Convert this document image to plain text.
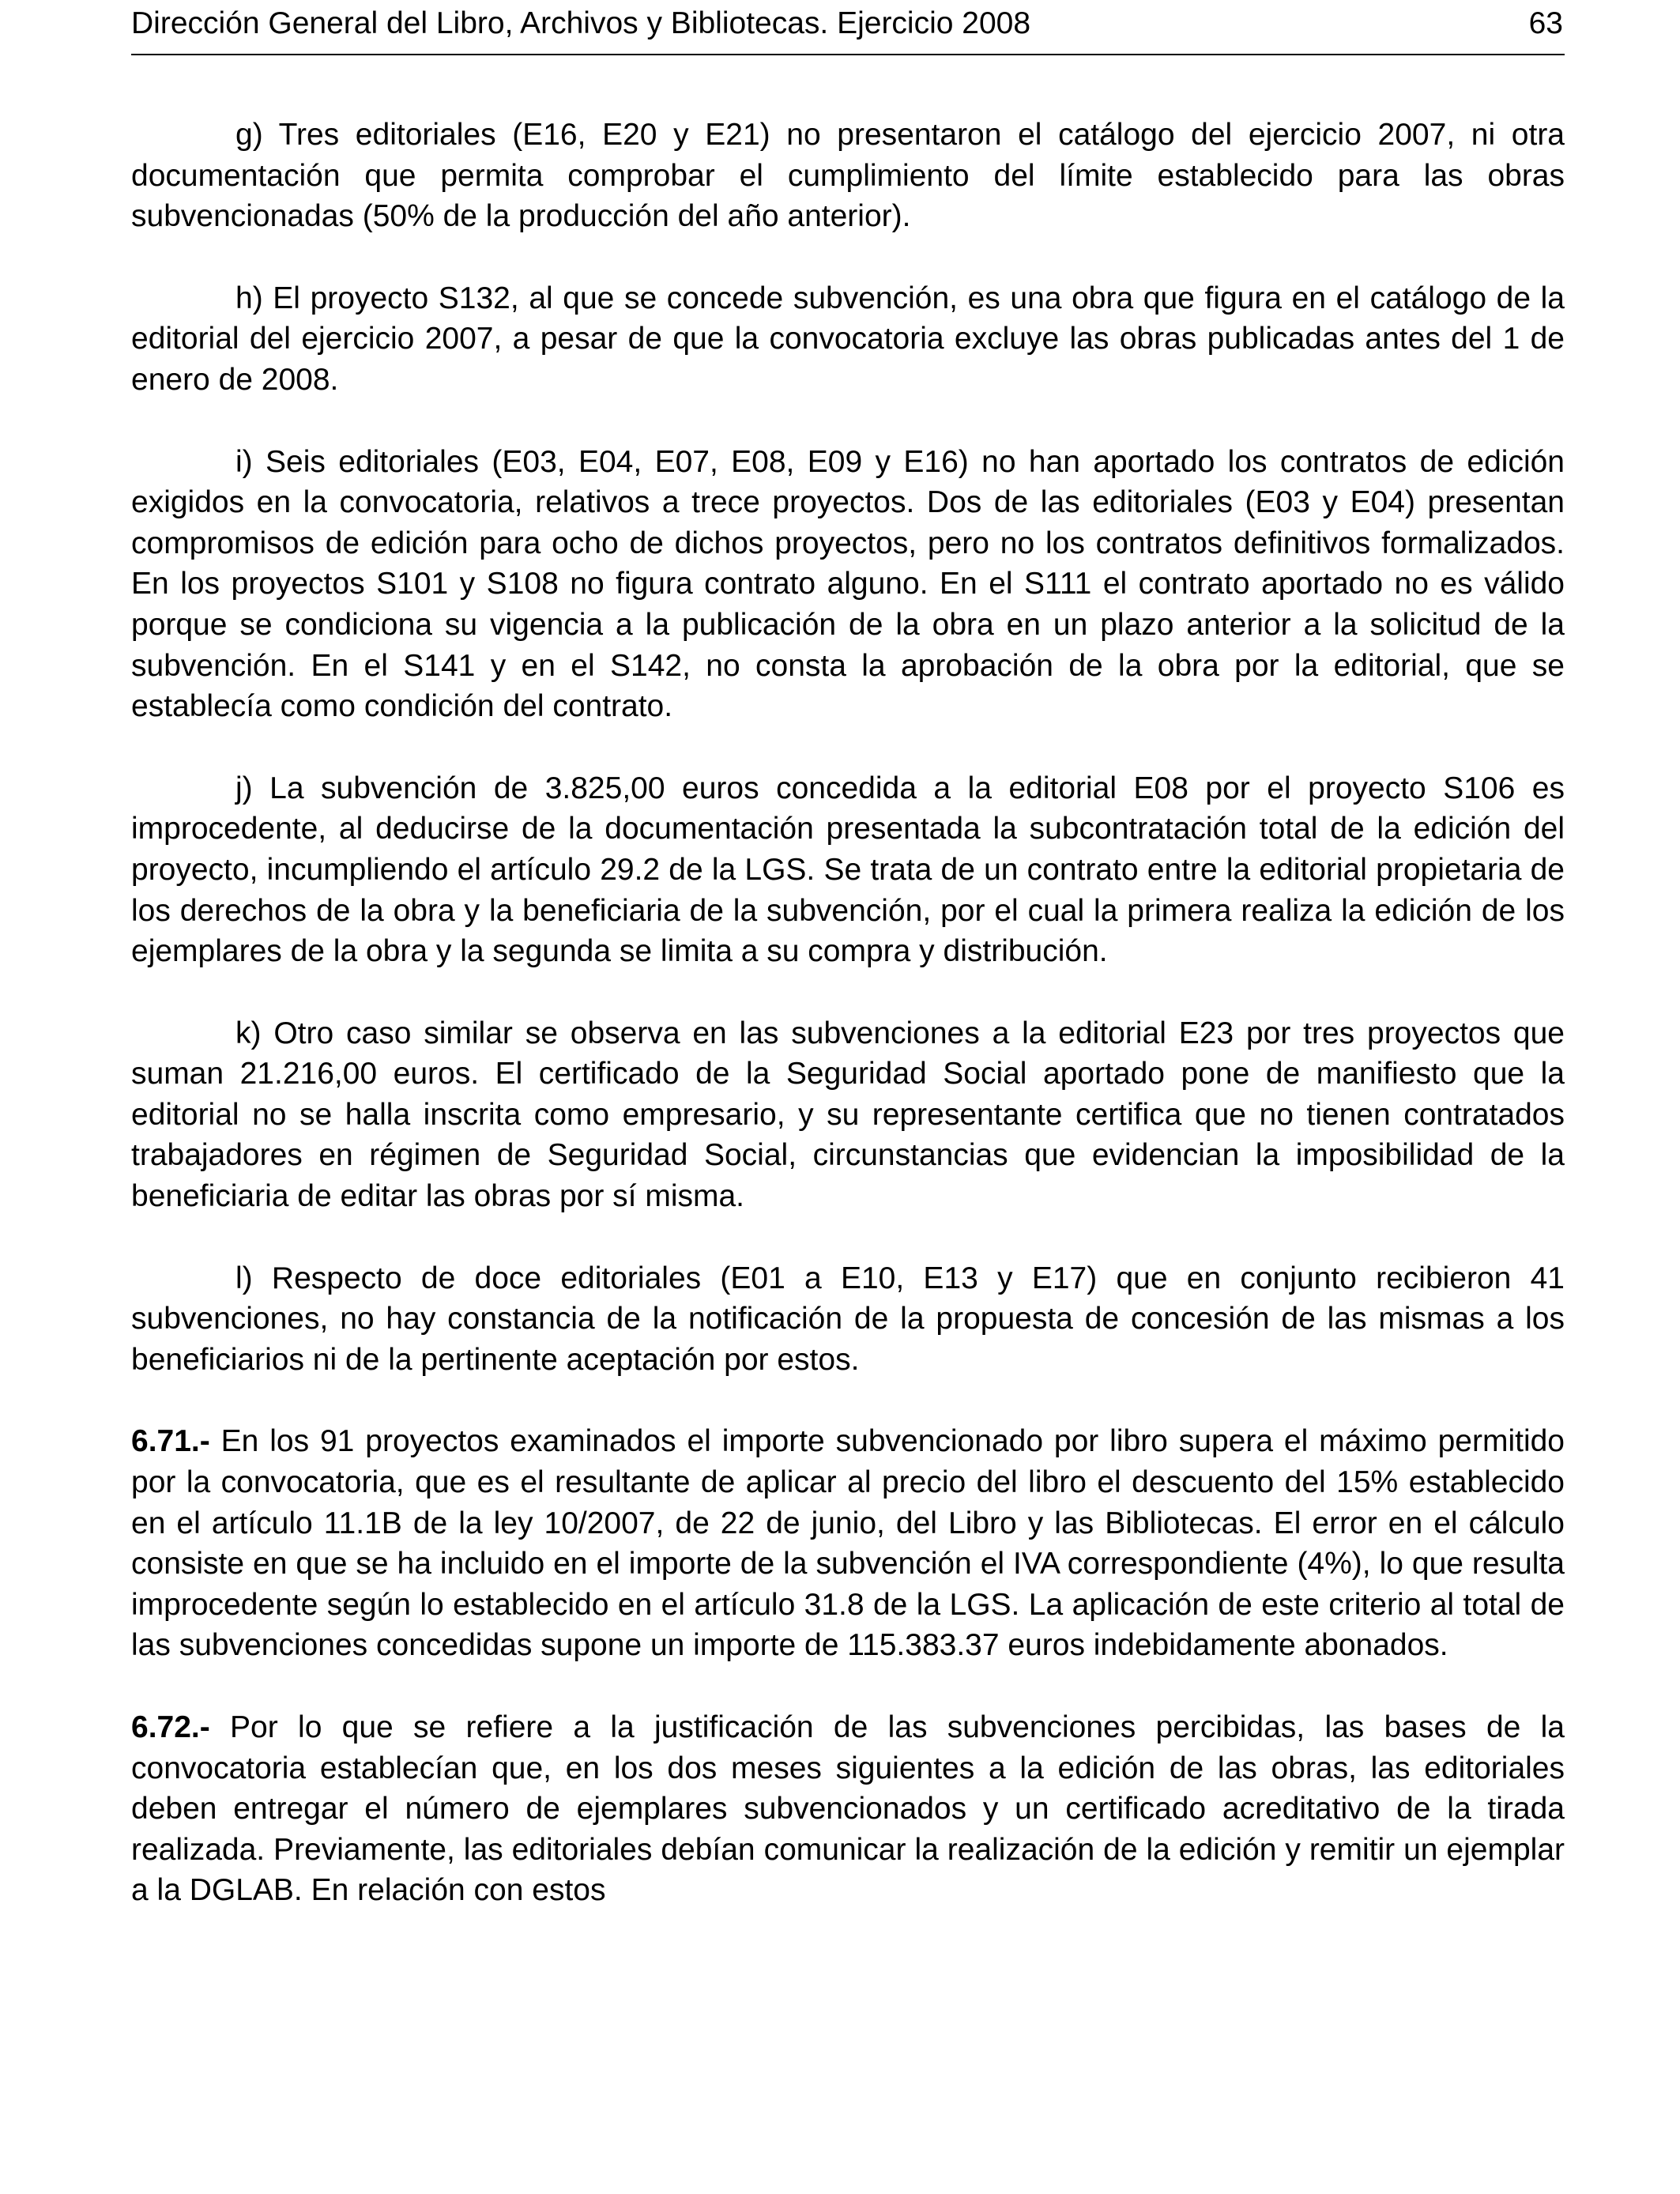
Dirección General del Libro, Archivos y Bibliotecas. Ejercicio 2008	63

g) Tres editoriales (E16, E20 y E21) no presentaron el catálogo del ejercicio 2007, ni otra documentación que permita comprobar el cumplimiento del límite establecido para las obras subvencionadas (50% de la producción del año anterior).

h) El proyecto S132, al que se concede subvención, es una obra que figura en el catálogo de la editorial del ejercicio 2007, a pesar de que la convocatoria excluye las obras publicadas antes del 1 de enero de 2008.

i) Seis editoriales (E03, E04, E07, E08, E09 y E16) no han aportado los contratos de edición exigidos en la convocatoria, relativos a trece proyectos. Dos de las editoriales (E03 y E04) presentan compromisos de edición para ocho de dichos proyectos, pero no los contratos definitivos formalizados. En los proyectos S101 y S108 no figura contrato alguno. En el S111 el contrato aportado no es válido porque se condiciona su vigencia a la publicación de la obra en un plazo anterior a la solicitud de la subvención. En el S141 y en el S142, no consta la aprobación de la obra por la editorial, que se establecía como condición del contrato.

j) La subvención de 3.825,00 euros concedida a la editorial E08 por el proyecto S106 es improcedente, al deducirse de la documentación presentada la subcontratación total de la edición del proyecto, incumpliendo el artículo 29.2 de la LGS. Se trata de un contrato entre la editorial propietaria de los derechos de la obra y la beneficiaria de la subvención, por el cual la primera realiza la edición de los ejemplares de la obra y la segunda se limita a su compra y distribución.

k) Otro caso similar se observa en las subvenciones a la editorial E23 por tres proyectos que suman 21.216,00 euros. El certificado de la Seguridad Social aportado pone de manifiesto que la editorial no se halla inscrita como empresario, y su representante certifica que no tienen contratados trabajadores en régimen de Seguridad Social, circunstancias que evidencian la imposibilidad de la beneficiaria de editar las obras por sí misma.

l) Respecto de doce editoriales (E01 a E10, E13 y E17) que en conjunto recibieron 41 subvenciones, no hay constancia de la notificación de la propuesta de concesión de las mismas a los beneficiarios ni de la pertinente aceptación por estos.

6.71.- En los 91 proyectos examinados el importe subvencionado por libro supera el máximo permitido por la convocatoria, que es el resultante de aplicar al precio del libro el descuento del 15% establecido en el artículo 11.1B de la ley 10/2007, de 22 de junio, del Libro y las Bibliotecas. El error en el cálculo consiste en que se ha incluido en el importe de la subvención el IVA correspondiente (4%), lo que resulta improcedente según lo establecido en el artículo 31.8 de la LGS. La aplicación de este criterio al total de las subvenciones concedidas supone un importe de 115.383.37 euros indebidamente abonados.

6.72.- Por lo que se refiere a la justificación de las subvenciones percibidas, las bases de la convocatoria establecían que, en los dos meses siguientes a la edición de las obras, las editoriales deben entregar el número de ejemplares subvencionados y un certificado acreditativo de la tirada realizada. Previamente, las editoriales debían comunicar la realización de la edición y remitir un ejemplar a la DGLAB. En relación con estos
